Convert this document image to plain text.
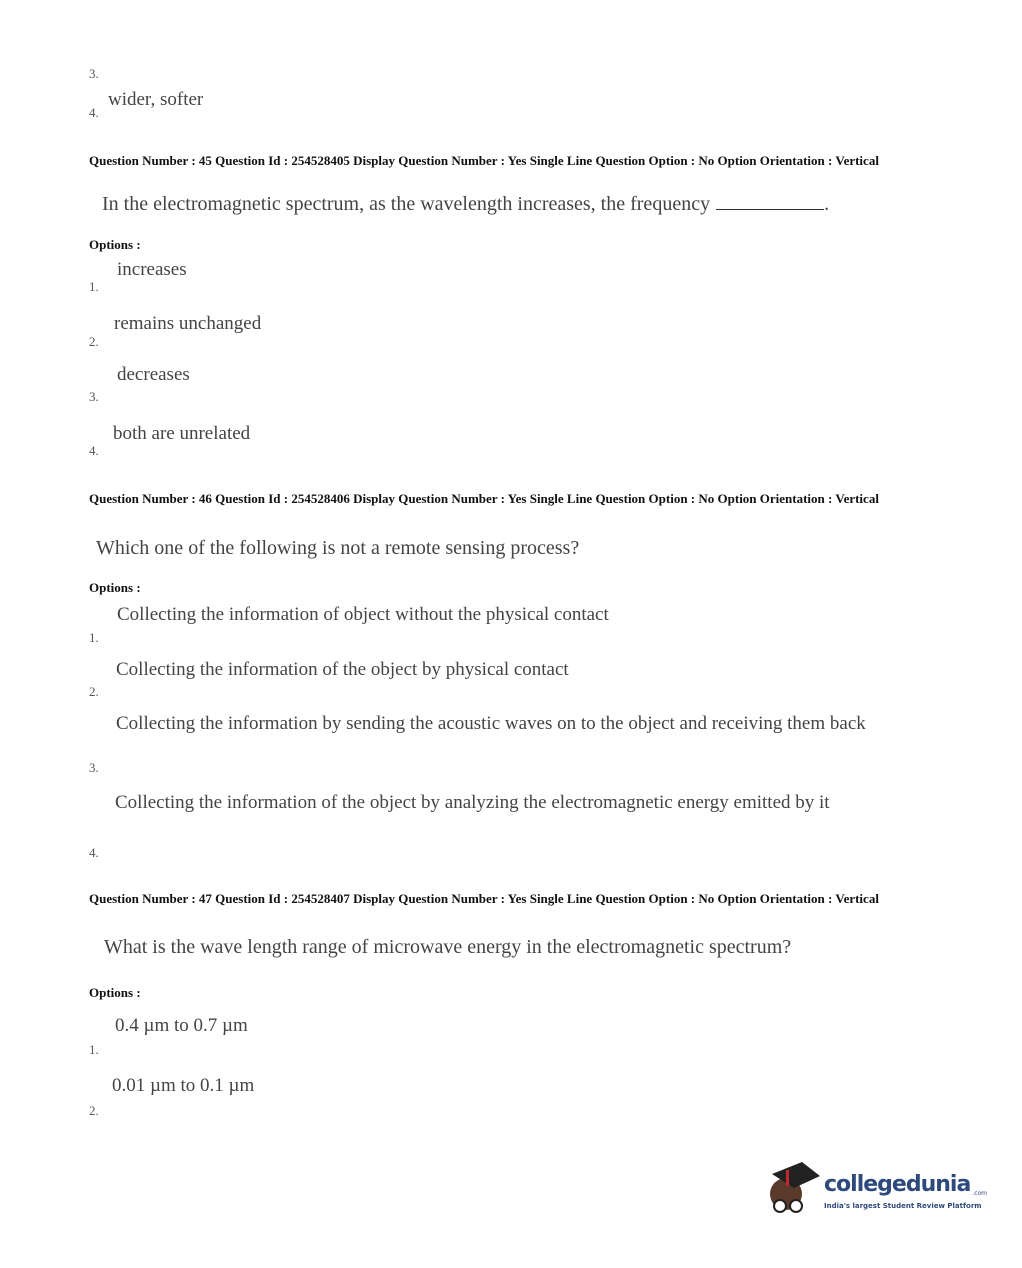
3.
4.
wider, softer
Question Number : 45 Question Id : 254528405 Display Question Number : Yes Single Line Question Option : No Option Orientation : Vertical
In the electromagnetic spectrum, as the wavelength increases, the frequency	.
Options :
increases
1.
remains unchanged
2.
decreases
3.
both are unrelated
4.
Question Number : 46 Question Id : 254528406 Display Question Number : Yes Single Line Question Option : No Option Orientation : Vertical
Which one of the following is not a remote sensing process?
Options :
Collecting the information of object without the physical contact
1.
Collecting the information of the object by physical contact
2.
Collecting the information by sending the acoustic waves on to the object and receiving them back
3.
Collecting the information of the object by analyzing the electromagnetic energy emitted by it
4.
Question Number : 47 Question Id : 254528407 Display Question Number : Yes Single Line Question Option : No Option Orientation : Vertical
What is the wave length range of microwave energy in the electromagnetic spectrum?
Options :
0.4 µm to 0.7 µm
1.
0.01 µm to 0.1 µm
2.
collegedunia .com
India's largest Student Review Platform
